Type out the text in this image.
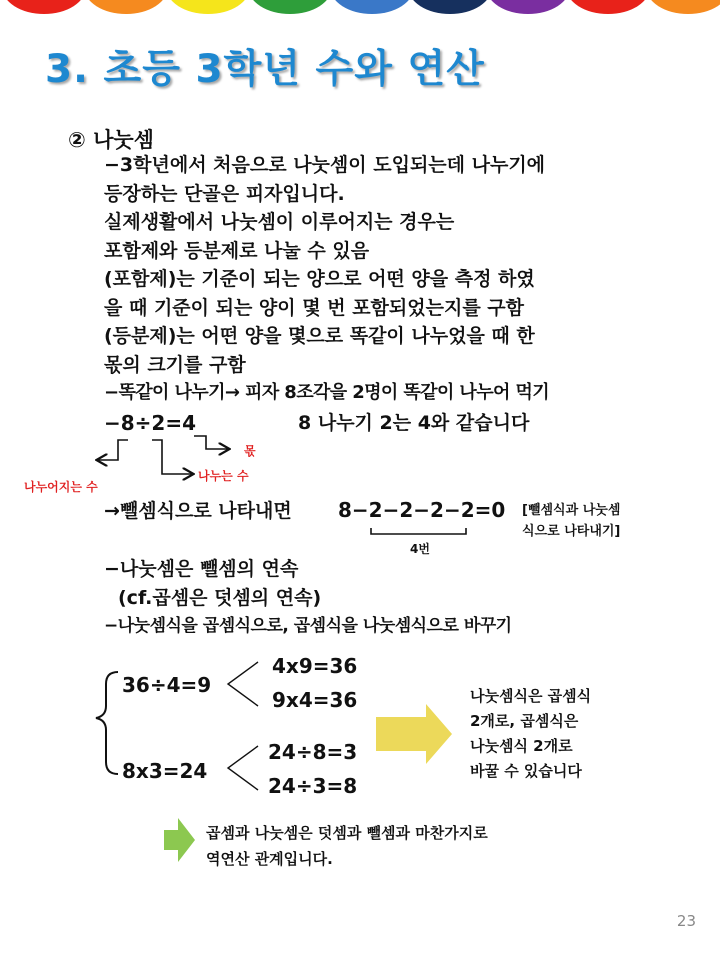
3. 초등 3학년 수와 연산
② 나눗셈
−3학년에서 처음으로 나눗셈이 도입되는데 나누기에
등장하는 단골은 피자입니다.
실제생활에서 나눗셈이 이루어지는 경우는
포함제와 등분제로 나눌 수 있음
(포함제)는 기준이 되는 양으로 어떤 양을 측정 하였
을 때 기준이 되는 양이 몇 번 포함되었는지를 구함
(등분제)는 어떤 양을 몇으로 똑같이 나누었을 때 한
몫의 크기를 구함
−똑같이 나누기→ 피자 8조각을 2명이 똑같이 나누어 먹기
−8÷2=4	8 나누기 2는 4와 같습니다
몫
나누어지는 수
나누는 수
→뺄셈식으로 나타내면 8−2−2−2−2=0 [뺄셈식과 나눗셈
식으로 나타내기]
4번
−나눗셈은 뺄셈의 연속
(cf.곱셈은 덧셈의 연속)
−나눗셈식을 곱셈식으로, 곱셈식을 나눗셈식으로 바꾸기
36÷4=9
4x9=36
9x4=36
8x3=24
24÷8=3
24÷3=8
나눗셈식은 곱셈식
2개로, 곱셈식은
나눗셈식 2개로
바꿀 수 있습니다
곱셈과 나눗셈은 덧셈과 뺄셈과 마찬가지로
역연산 관계입니다.
23
